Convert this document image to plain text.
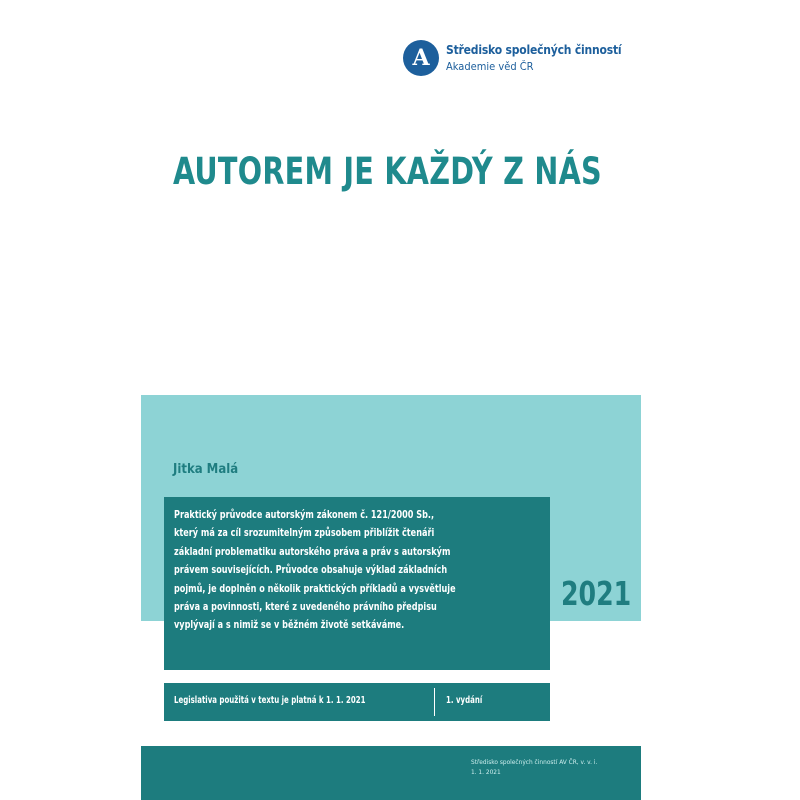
A Středisko společných činností
Akademie věd ČR
AUTOREM JE KAŽDÝ Z NÁS
Jitka Malá
2021
Praktický průvodce autorským zákonem č. 121/2000 Sb.,
který má za cíl srozumitelným způsobem přiblížit čtenáři
základní problematiku autorského práva a práv s autorským
právem souvisejících. Průvodce obsahuje výklad základních
pojmů, je doplněn o několik praktických příkladů a vysvětluje
práva a povinnosti, které z uvedeného právního předpisu
vyplývají a s nimiž se v běžném životě setkáváme.
Legislativa použitá v textu je platná k 1. 1. 2021	1. vydání
Středisko společných činností AV ČR, v. v. i.
1. 1. 2021
